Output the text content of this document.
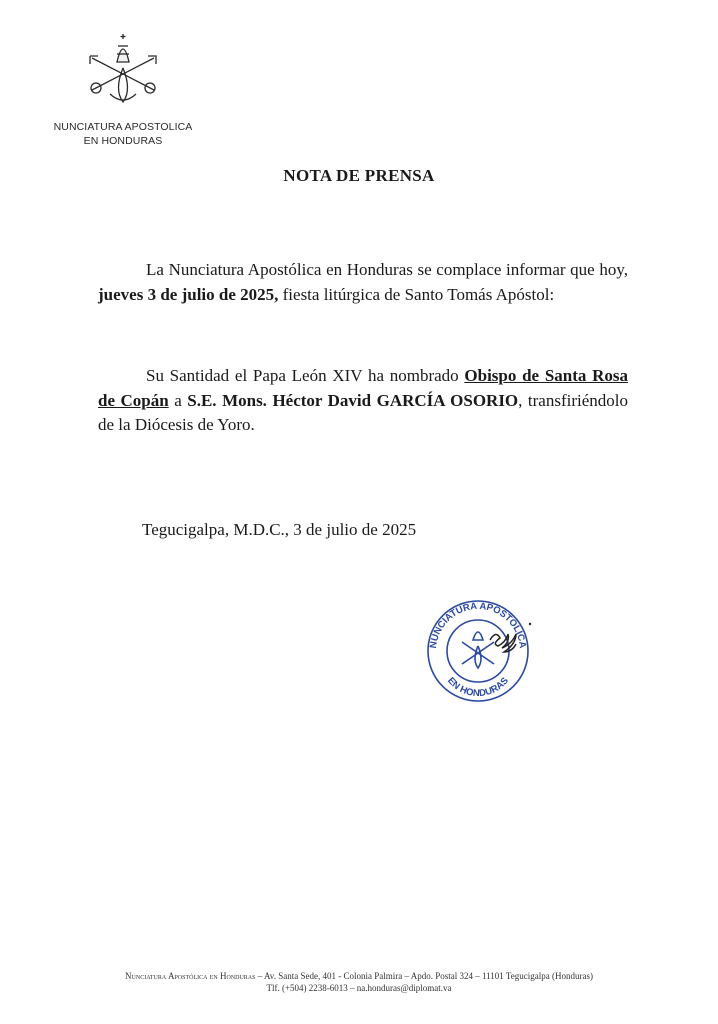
NUNCIATURA APOSTOLICA
EN HONDURAS
NOTA DE PRENSA

La Nunciatura Apostólica en Honduras se complace informar que hoy, jueves 3 de julio de 2025, fiesta litúrgica de Santo Tomás Apóstol:

Su Santidad el Papa León XIV ha nombrado Obispo de Santa Rosa de Copán a S.E. Mons. Héctor David GARCÍA OSORIO, transfiriéndolo de la Diócesis de Yoro.

Tegucigalpa, M.D.C., 3 de julio de 2025
NUNCIATURA APOSTOLICA
EN HONDURAS
Nunciatura Apostólica en Honduras – Av. Santa Sede, 401 - Colonia Palmira – Apdo. Postal 324 – 11101 Tegucigalpa (Honduras)
Tlf. (+504) 2238-6013 – na.honduras@diplomat.va
